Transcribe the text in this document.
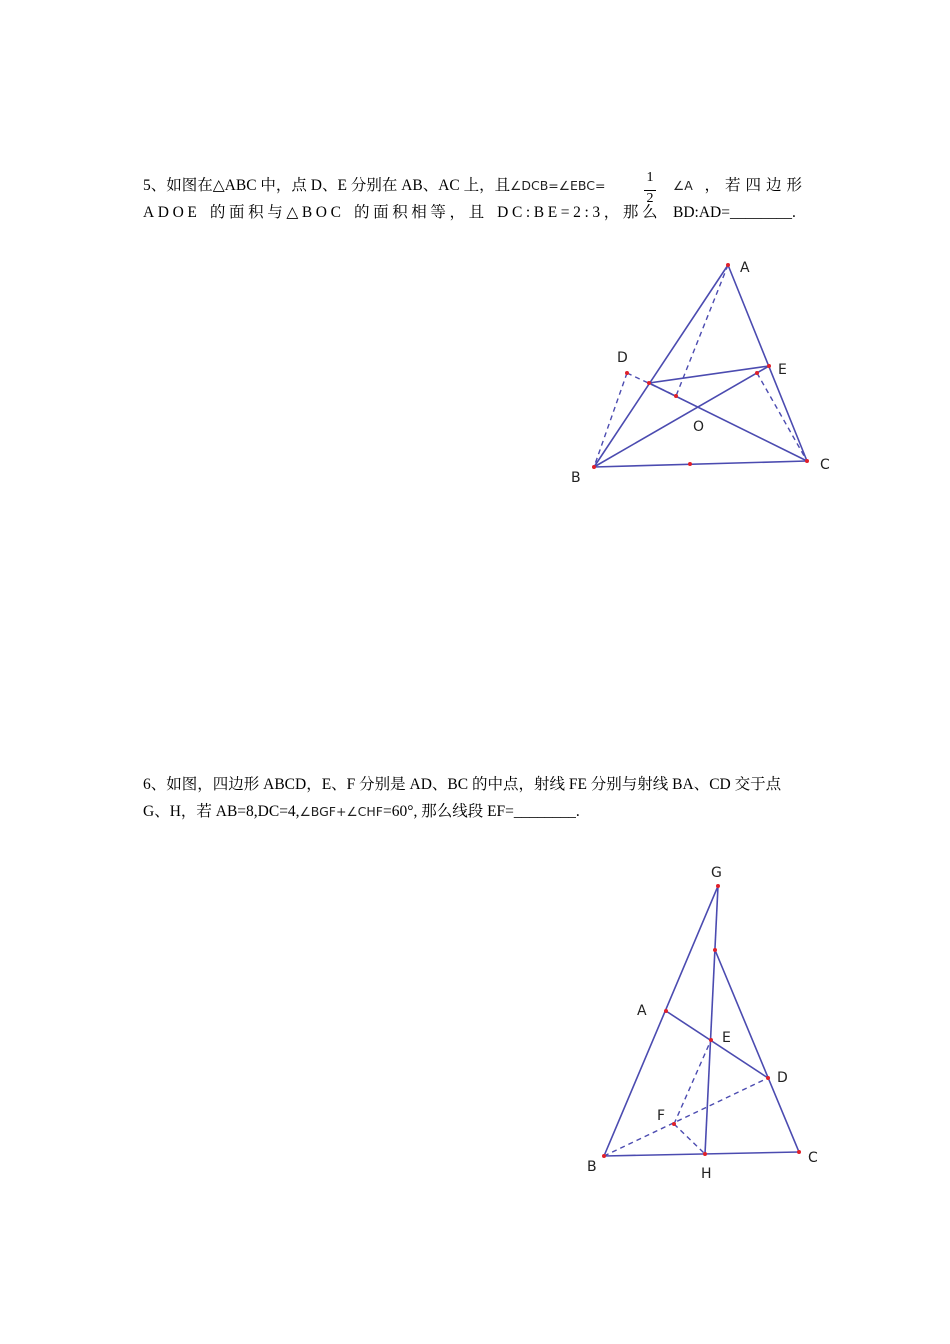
5、如图在△ABC 中，点 D、E 分别在 AB、AC 上，且∠DCB=∠EBC=
1
2
∠A ，若四边形
ADOE 的面积与△BOC 的面积相等，且 DC:BE=2:3，那么 BD:AD=________.
A
D
E
O
C
B
6、如图，四边形 ABCD，E、F 分别是 AD、BC 的中点，射线 FE 分别与射线 BA、CD 交于点
G、H，若 AB=8,DC=4,∠BGF+∠CHF=60°, 那么线段 EF=________.
G
A
E
D
F
B	H
C
